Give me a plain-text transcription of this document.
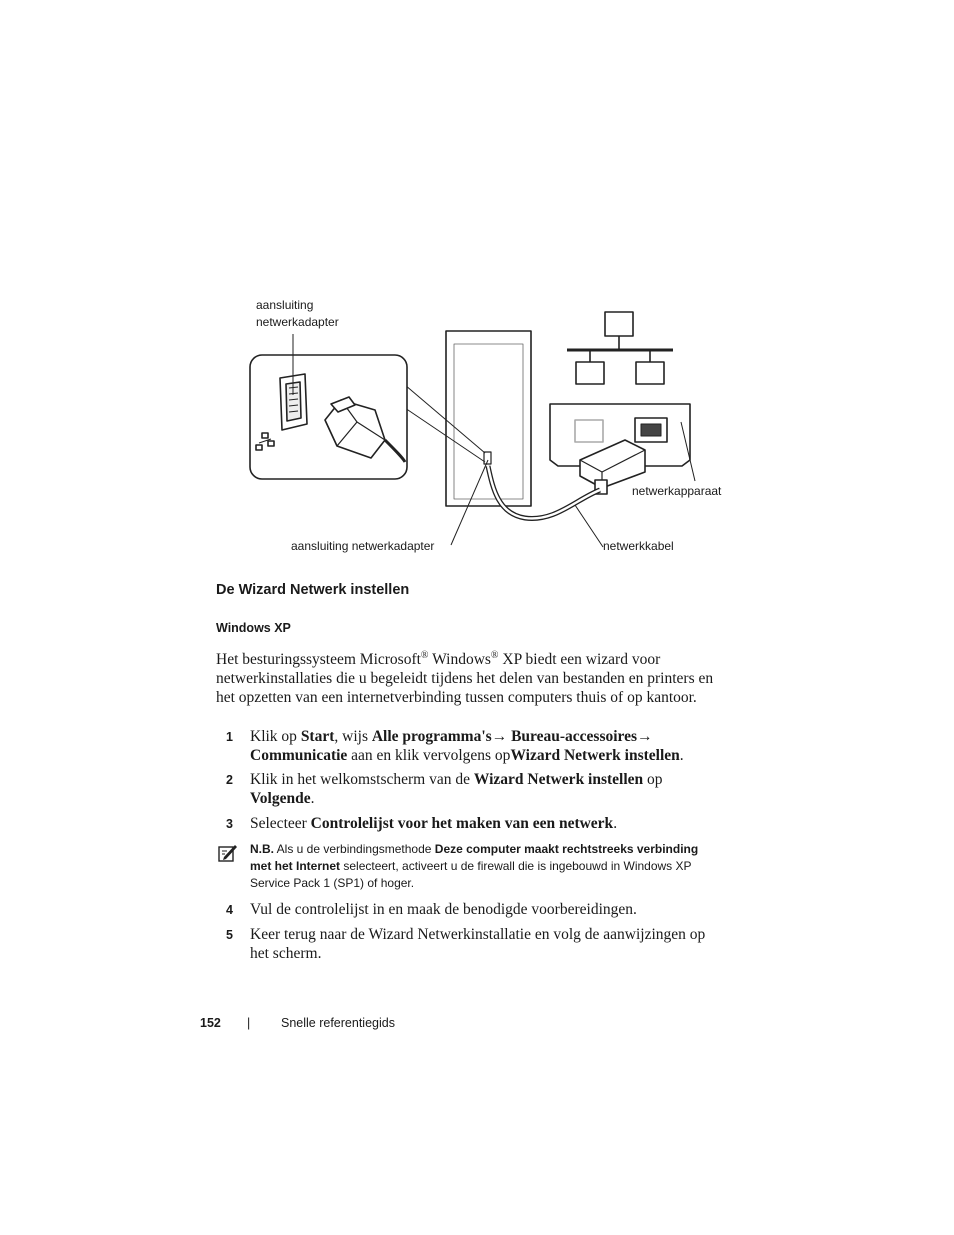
aansluiting
netwerkadapter
netwerkapparaat
aansluiting netwerkadapter	netwerkkabel
De Wizard Netwerk instellen
Windows XP

Het besturingssysteem Microsoft® Windows® XP biedt een wizard voor netwerkinstallaties die u begeleidt tijdens het delen van bestanden en printers en het opzetten van een internetverbinding tussen computers thuis of op kantoor.

1 Klik op Start, wijs Alle programma's→ Bureau-accessoires→
Communicatie aan en klik vervolgens opWizard Netwerk instellen.
2 Klik in het welkomstscherm van de Wizard Netwerk instellen op
Volgende.
3 Selecteer Controlelijst voor het maken van een netwerk.
N.B. Als u de verbindingsmethode Deze computer maakt rechtstreeks verbinding met het Internet selecteert, activeert u de firewall die is ingebouwd in Windows XP Service Pack 1 (SP1) of hoger.
4 Vul de controlelijst in en maak de benodigde voorbereidingen.
5 Keer terug naar de Wizard Netwerkinstallatie en volg de aanwijzingen op het scherm.
152 | Snelle referentiegids
